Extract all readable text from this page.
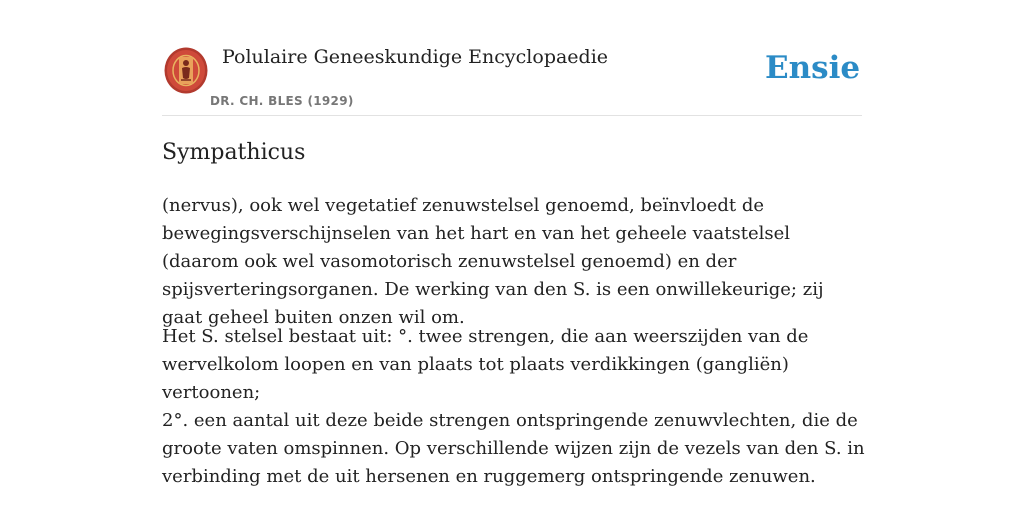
Polulaire Geneeskundige Encyclopaedie
DR. CH. BLES (1929)
Ensie
Sympathicus

(nervus), ook wel vegetatief zenuwstelsel genoemd, beïnvloedt de bewegingsverschijnselen van het hart en van het geheele vaatstelsel (daarom ook wel vasomotorisch zenuwstelsel genoemd) en der spijsverteringsorganen. De werking van den S. is een onwillekeurige; zij gaat geheel buiten onzen wil om.

Het S. stelsel bestaat uit: °. twee strengen, die aan weerszijden van de wervelkolom loopen en van plaats tot plaats verdikkingen (gangliën) vertoonen;

2°. een aantal uit deze beide strengen ontspringende zenuwvlechten, die de groote vaten omspinnen. Op verschillende wijzen zijn de vezels van den S. in verbinding met de uit hersenen en ruggemerg ontspringende zenuwen.
